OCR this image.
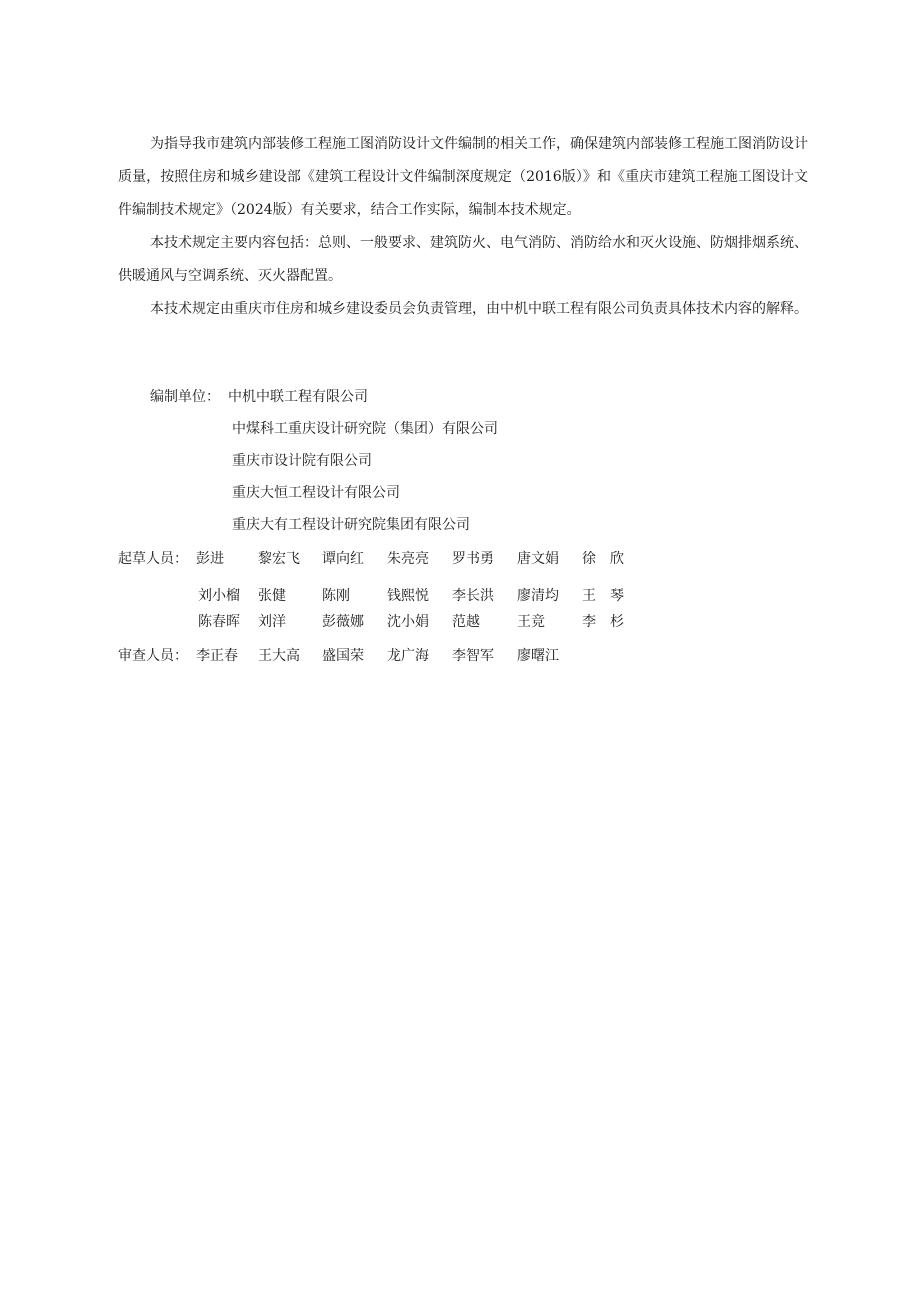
为指导我市建筑内部装修工程施工图消防设计文件编制的相关工作，确保建筑内部装修工程施工图消防设计质量，按照住房和城乡建设部《建筑工程设计文件编制深度规定（2016版）》和《重庆市建筑工程施工图设计文件编制技术规定》（2024版）有关要求，结合工作实际，编制本技术规定。

本技术规定主要内容包括：总则、一般要求、建筑防火、电气消防、消防给水和灭火设施、防烟排烟系统、供暖通风与空调系统、灭火器配置。

本技术规定由重庆市住房和城乡建设委员会负责管理，由中机中联工程有限公司负责具体技术内容的解释。

编制单位： 中机中联工程有限公司
中煤科工重庆设计研究院（集团）有限公司
重庆市设计院有限公司
重庆大恒工程设计有限公司
重庆大有工程设计研究院集团有限公司
起草人员： 彭进 黎宏飞 谭向红 朱亮亮 罗书勇 唐文娟 徐欣
刘小榴 张健	陈刚	钱熙悦 李长洪 廖清均 王琴
陈春晖 刘洋	彭薇娜 沈小娟 范越	王竞	李杉
审查人员： 李正春 王大高 盛国荣 龙广海 李智军 廖曙江
